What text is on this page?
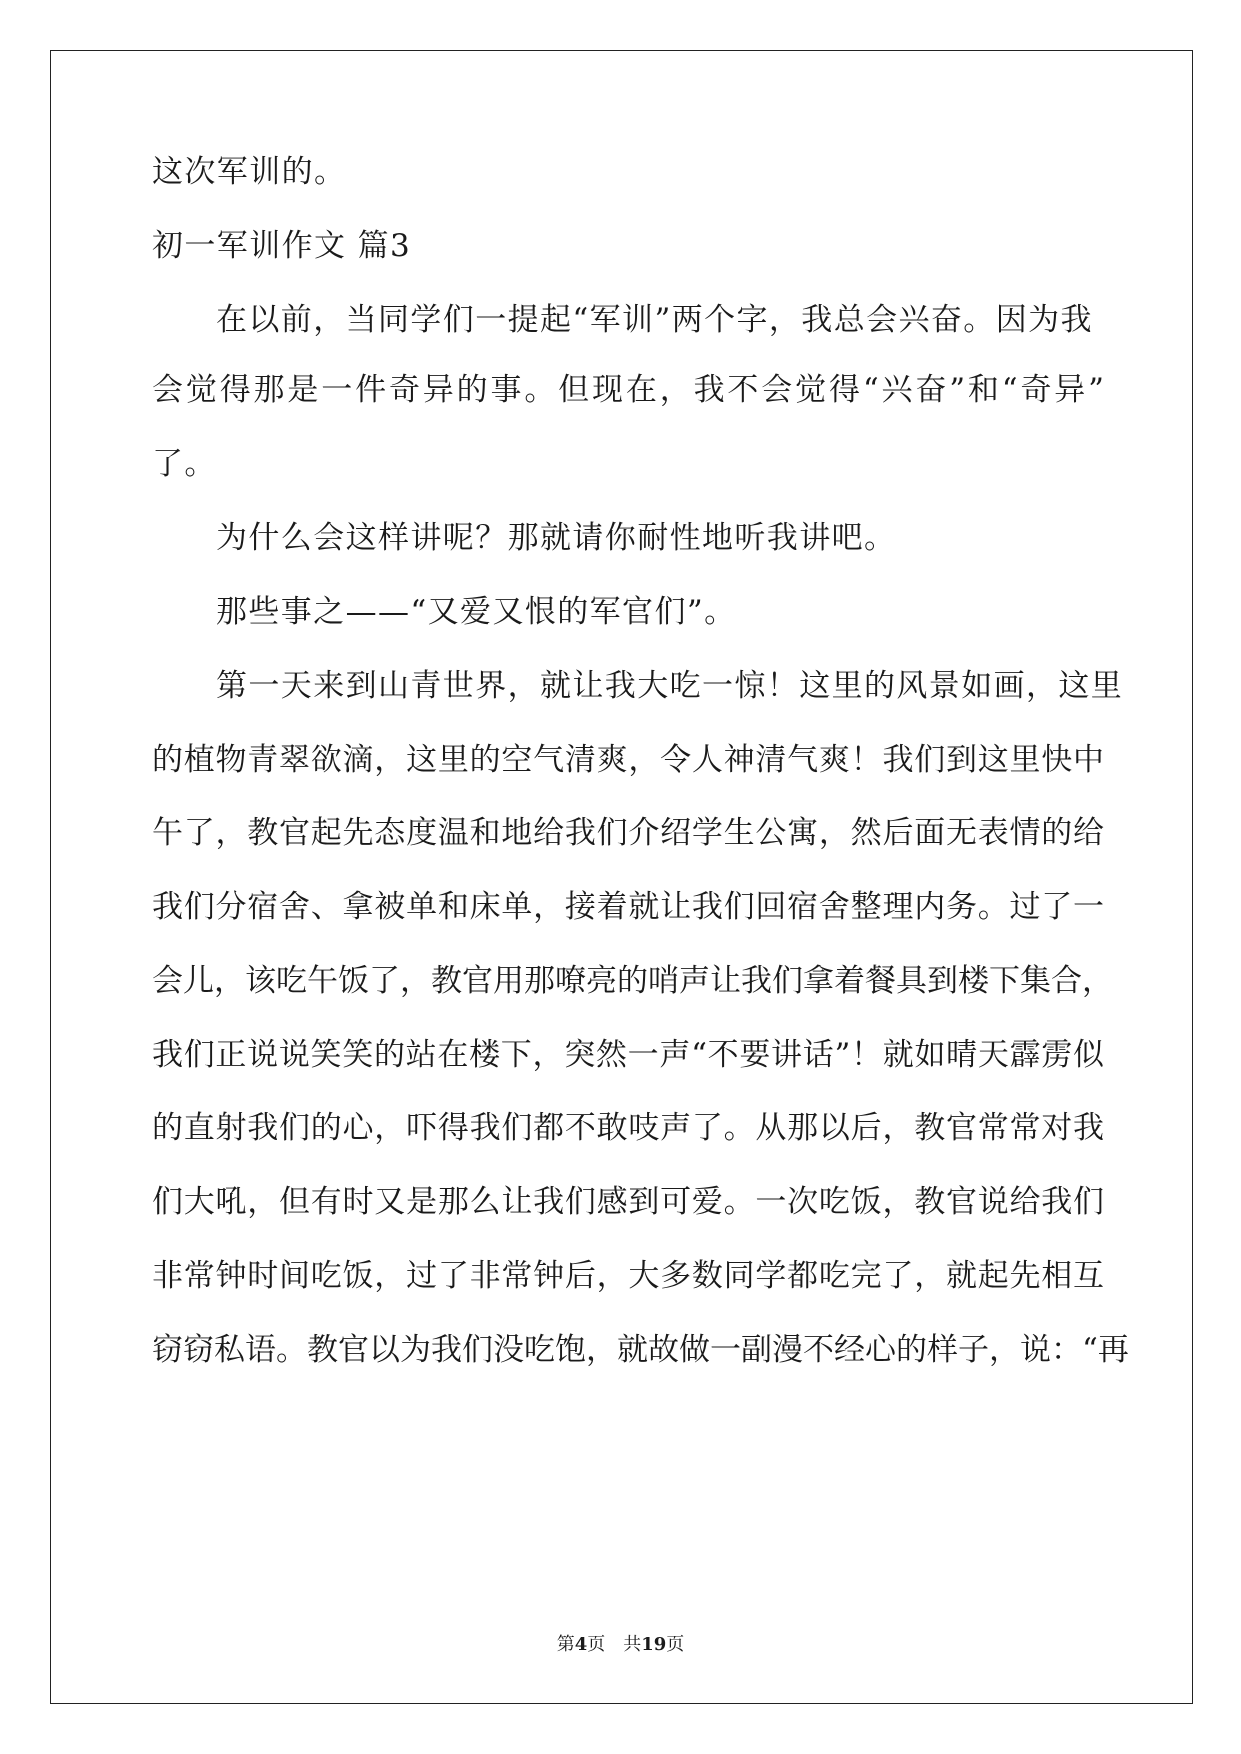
这次军训的。
初一军训作文 篇3
在以前，当同学们一提起“军训”两个字，我总会兴奋。因为我
会觉得那是一件奇异的事。但现在，我不会觉得“兴奋”和“奇异”
了。
为什么会这样讲呢？那就请你耐性地听我讲吧。
那些事之——“又爱又恨的军官们”。
第一天来到山青世界，就让我大吃一惊！这里的风景如画，这里
的植物青翠欲滴，这里的空气清爽，令人神清气爽！我们到这里快中
午了，教官起先态度温和地给我们介绍学生公寓，然后面无表情的给
我们分宿舍、拿被单和床单，接着就让我们回宿舍整理内务。过了一
会儿，该吃午饭了，教官用那嘹亮的哨声让我们拿着餐具到楼下集合，
我们正说说笑笑的站在楼下，突然一声“不要讲话”！就如晴天霹雳似
的直射我们的心，吓得我们都不敢吱声了。从那以后，教官常常对我
们大吼，但有时又是那么让我们感到可爱。一次吃饭，教官说给我们
非常钟时间吃饭，过了非常钟后，大多数同学都吃完了，就起先相互
窃窃私语。教官以为我们没吃饱，就故做一副漫不经心的样子，说：“再
第4页　共19页
